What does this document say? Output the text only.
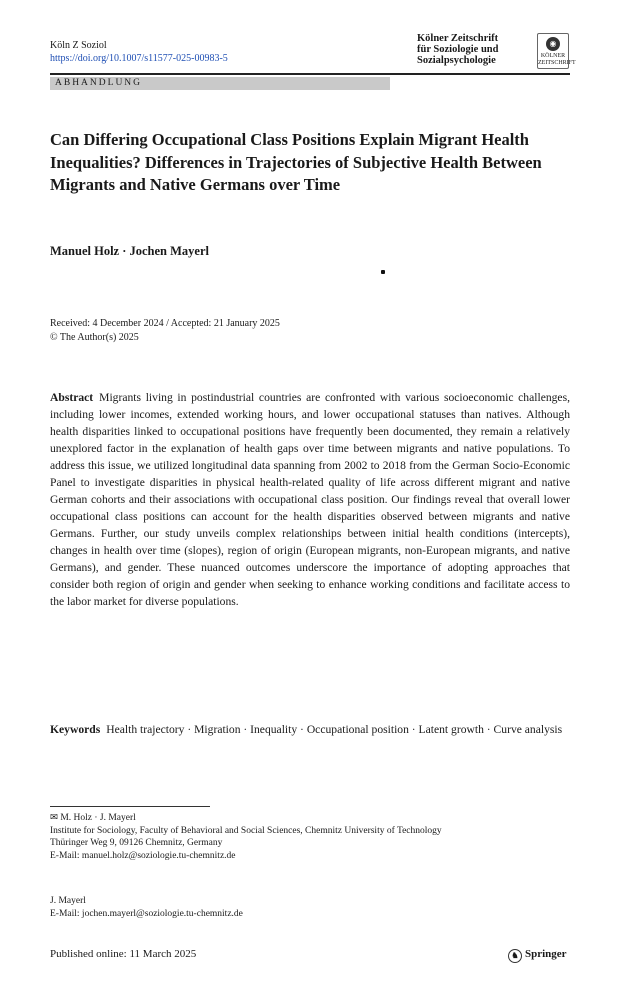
Köln Z Soziol
https://doi.org/10.1007/s11577-025-00983-5
Kölner Zeitschrift
für Soziologie und
Sozialpsychologie
◉
KÖLNER ZEITSCHRIFT
ABHANDLUNG
Can Differing Occupational Class Positions Explain Migrant Health Inequalities? Differences in Trajectories of Subjective Health Between Migrants and Native Germans over Time
Manuel Holz · Jochen Mayerl
Received: 4 December 2024 / Accepted: 21 January 2025
© The Author(s) 2025
Abstract Migrants living in postindustrial countries are confronted with various socioeconomic challenges, including lower incomes, extended working hours, and lower occupational statuses than natives. Although health disparities linked to occupational positions have frequently been documented, they remain a relatively unexplored factor in the explanation of health gaps over time between migrants and native populations. To address this issue, we utilized longitudinal data spanning from 2002 to 2018 from the German Socio-Economic Panel to investigate disparities in physical health-related quality of life across different migrant and native German cohorts and their associations with occupational class position. Our findings reveal that overall lower occupational class positions can account for the health disparities observed between migrants and native Germans. Further, our study unveils complex relationships between initial health conditions (intercepts), changes in health over time (slopes), region of origin (European migrants, non-European migrants, and native Germans), and gender. These nuanced outcomes underscore the importance of adopting approaches that consider both region of origin and gender when seeking to enhance working conditions and facilitate access to the labor market for diverse populations.
Keywords Health trajectory · Migration · Inequality · Occupational position · Latent growth · Curve analysis
✉ M. Holz · J. Mayerl
Institute for Sociology, Faculty of Behavioral and Social Sciences, Chemnitz University of Technology
Thüringer Weg 9, 09126 Chemnitz, Germany
E-Mail: manuel.holz@soziologie.tu-chemnitz.de
J. Mayerl
E-Mail: jochen.mayerl@soziologie.tu-chemnitz.de
Published online: 11 March 2025	♞ Springer
